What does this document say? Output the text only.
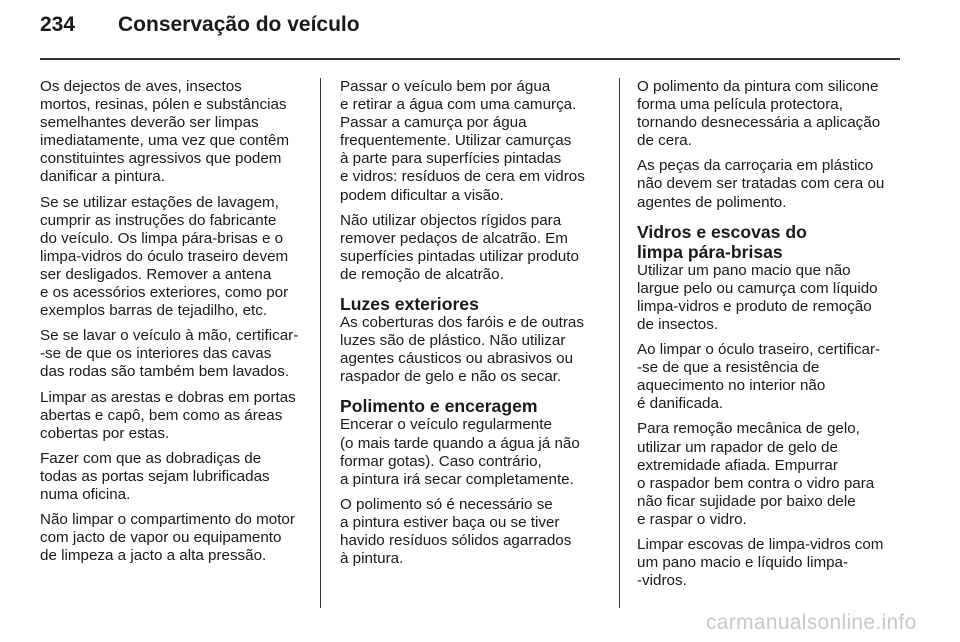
234	Conservação do veículo

Os dejectos de aves, insectos
mortos, resinas, pólen e substâncias
semelhantes deverão ser limpas
imediatamente, uma vez que contêm
constituintes agressivos que podem
danificar a pintura.

Se se utilizar estações de lavagem,
cumprir as instruções do fabricante
do veículo. Os limpa pára-brisas e o
limpa-vidros do óculo traseiro devem
ser desligados. Remover a antena
e os acessórios exteriores, como por
exemplos barras de tejadilho, etc.

Se se lavar o veículo à mão, certificar-
-se de que os interiores das cavas
das rodas são também bem lavados.

Limpar as arestas e dobras em portas
abertas e capô, bem como as áreas
cobertas por estas.

Fazer com que as dobradiças de
todas as portas sejam lubrificadas
numa oficina.

Não limpar o compartimento do motor
com jacto de vapor ou equipamento
de limpeza a jacto a alta pressão.

Passar o veículo bem por água
e retirar a água com uma camurça.
Passar a camurça por água
frequentemente. Utilizar camurças
à parte para superfícies pintadas
e vidros: resíduos de cera em vidros
podem dificultar a visão.

Não utilizar objectos rígidos para
remover pedaços de alcatrão. Em
superfícies pintadas utilizar produto
de remoção de alcatrão.

Luzes exteriores

As coberturas dos faróis e de outras
luzes são de plástico. Não utilizar
agentes cáusticos ou abrasivos ou
raspador de gelo e não os secar.

Polimento e enceragem

Encerar o veículo regularmente
(o mais tarde quando a água já não
formar gotas). Caso contrário,
a pintura irá secar completamente.

O polimento só é necessário se
a pintura estiver baça ou se tiver
havido resíduos sólidos agarrados
à pintura.

O polimento da pintura com silicone
forma uma película protectora,
tornando desnecessária a aplicação
de cera.

As peças da carroçaria em plástico
não devem ser tratadas com cera ou
agentes de polimento.

Vidros e escovas do
limpa pára-brisas

Utilizar um pano macio que não
largue pelo ou camurça com líquido
limpa-vidros e produto de remoção
de insectos.

Ao limpar o óculo traseiro, certificar-
-se de que a resistência de
aquecimento no interior não
é danificada.

Para remoção mecânica de gelo,
utilizar um rapador de gelo de
extremidade afiada. Empurrar
o raspador bem contra o vidro para
não ficar sujidade por baixo dele
e raspar o vidro.

Limpar escovas de limpa-vidros com
um pano macio e líquido limpa-
-vidros.

carmanualsonline.info
